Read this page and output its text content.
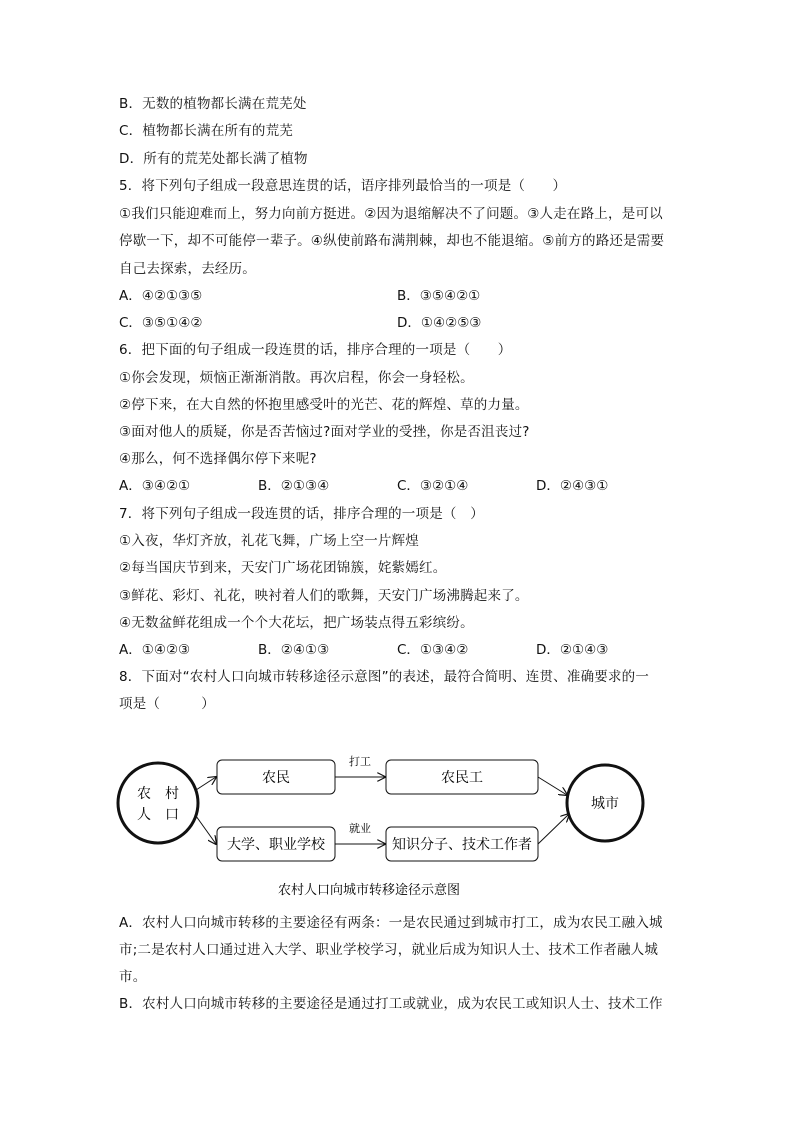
B．无数的植物都长满在荒芜处
C．植物都长满在所有的荒芜
D．所有的荒芜处都长满了植物
5．将下列句子组成一段意思连贯的话，语序排列最恰当的一项是（　　）
①我们只能迎难而上，努力向前方挺进。②因为退缩解决不了问题。③人走在路上，是可以
停歇一下，却不可能停一辈子。④纵使前路布满荆棘，却也不能退缩。⑤前方的路还是需要
自己去探索，去经历。
A．④②①③⑤	B．③⑤④②①
C．③⑤①④②	D．①④②⑤③
6．把下面的句子组成一段连贯的话，排序合理的一项是（　　）
①你会发现，烦恼正渐渐消散。再次启程，你会一身轻松。
②停下来，在大自然的怀抱里感受叶的光芒、花的辉煌、草的力量。
③面对他人的质疑，你是否苦恼过?面对学业的受挫，你是否沮丧过?
④那么，何不选择偶尔停下来呢?
A．③④②①	B．②①③④	C．③②①④	D．②④③①
7．将下列句子组成一段连贯的话，排序合理的一项是（　）
①入夜，华灯齐放，礼花飞舞，广场上空一片辉煌
②每当国庆节到来，天安门广场花团锦簇，姹紫嫣红。
③鲜花、彩灯、礼花，映衬着人们的歌舞，天安门广场沸腾起来了。
④无数盆鲜花组成一个个大花坛，把广场装点得五彩缤纷。
A．①④②③	B．②④①③	C．①③④②	D．②①④③
8．下面对“农村人口向城市转移途径示意图”的表述，最符合简明、连贯、准确要求的一
项是（　　　）
农　村
人　口
农民	农民工
大学、职业学校	知识分子、技术工作者
城市
打工
就业
农村人口向城市转移途径示意图
A．农村人口向城市转移的主要途径有两条：一是农民通过到城市打工，成为农民工融入城
市;二是农村人口通过进入大学、职业学校学习，就业后成为知识人士、技术工作者融人城
市。
B．农村人口向城市转移的主要途径是通过打工或就业，成为农民工或知识人士、技术工作
